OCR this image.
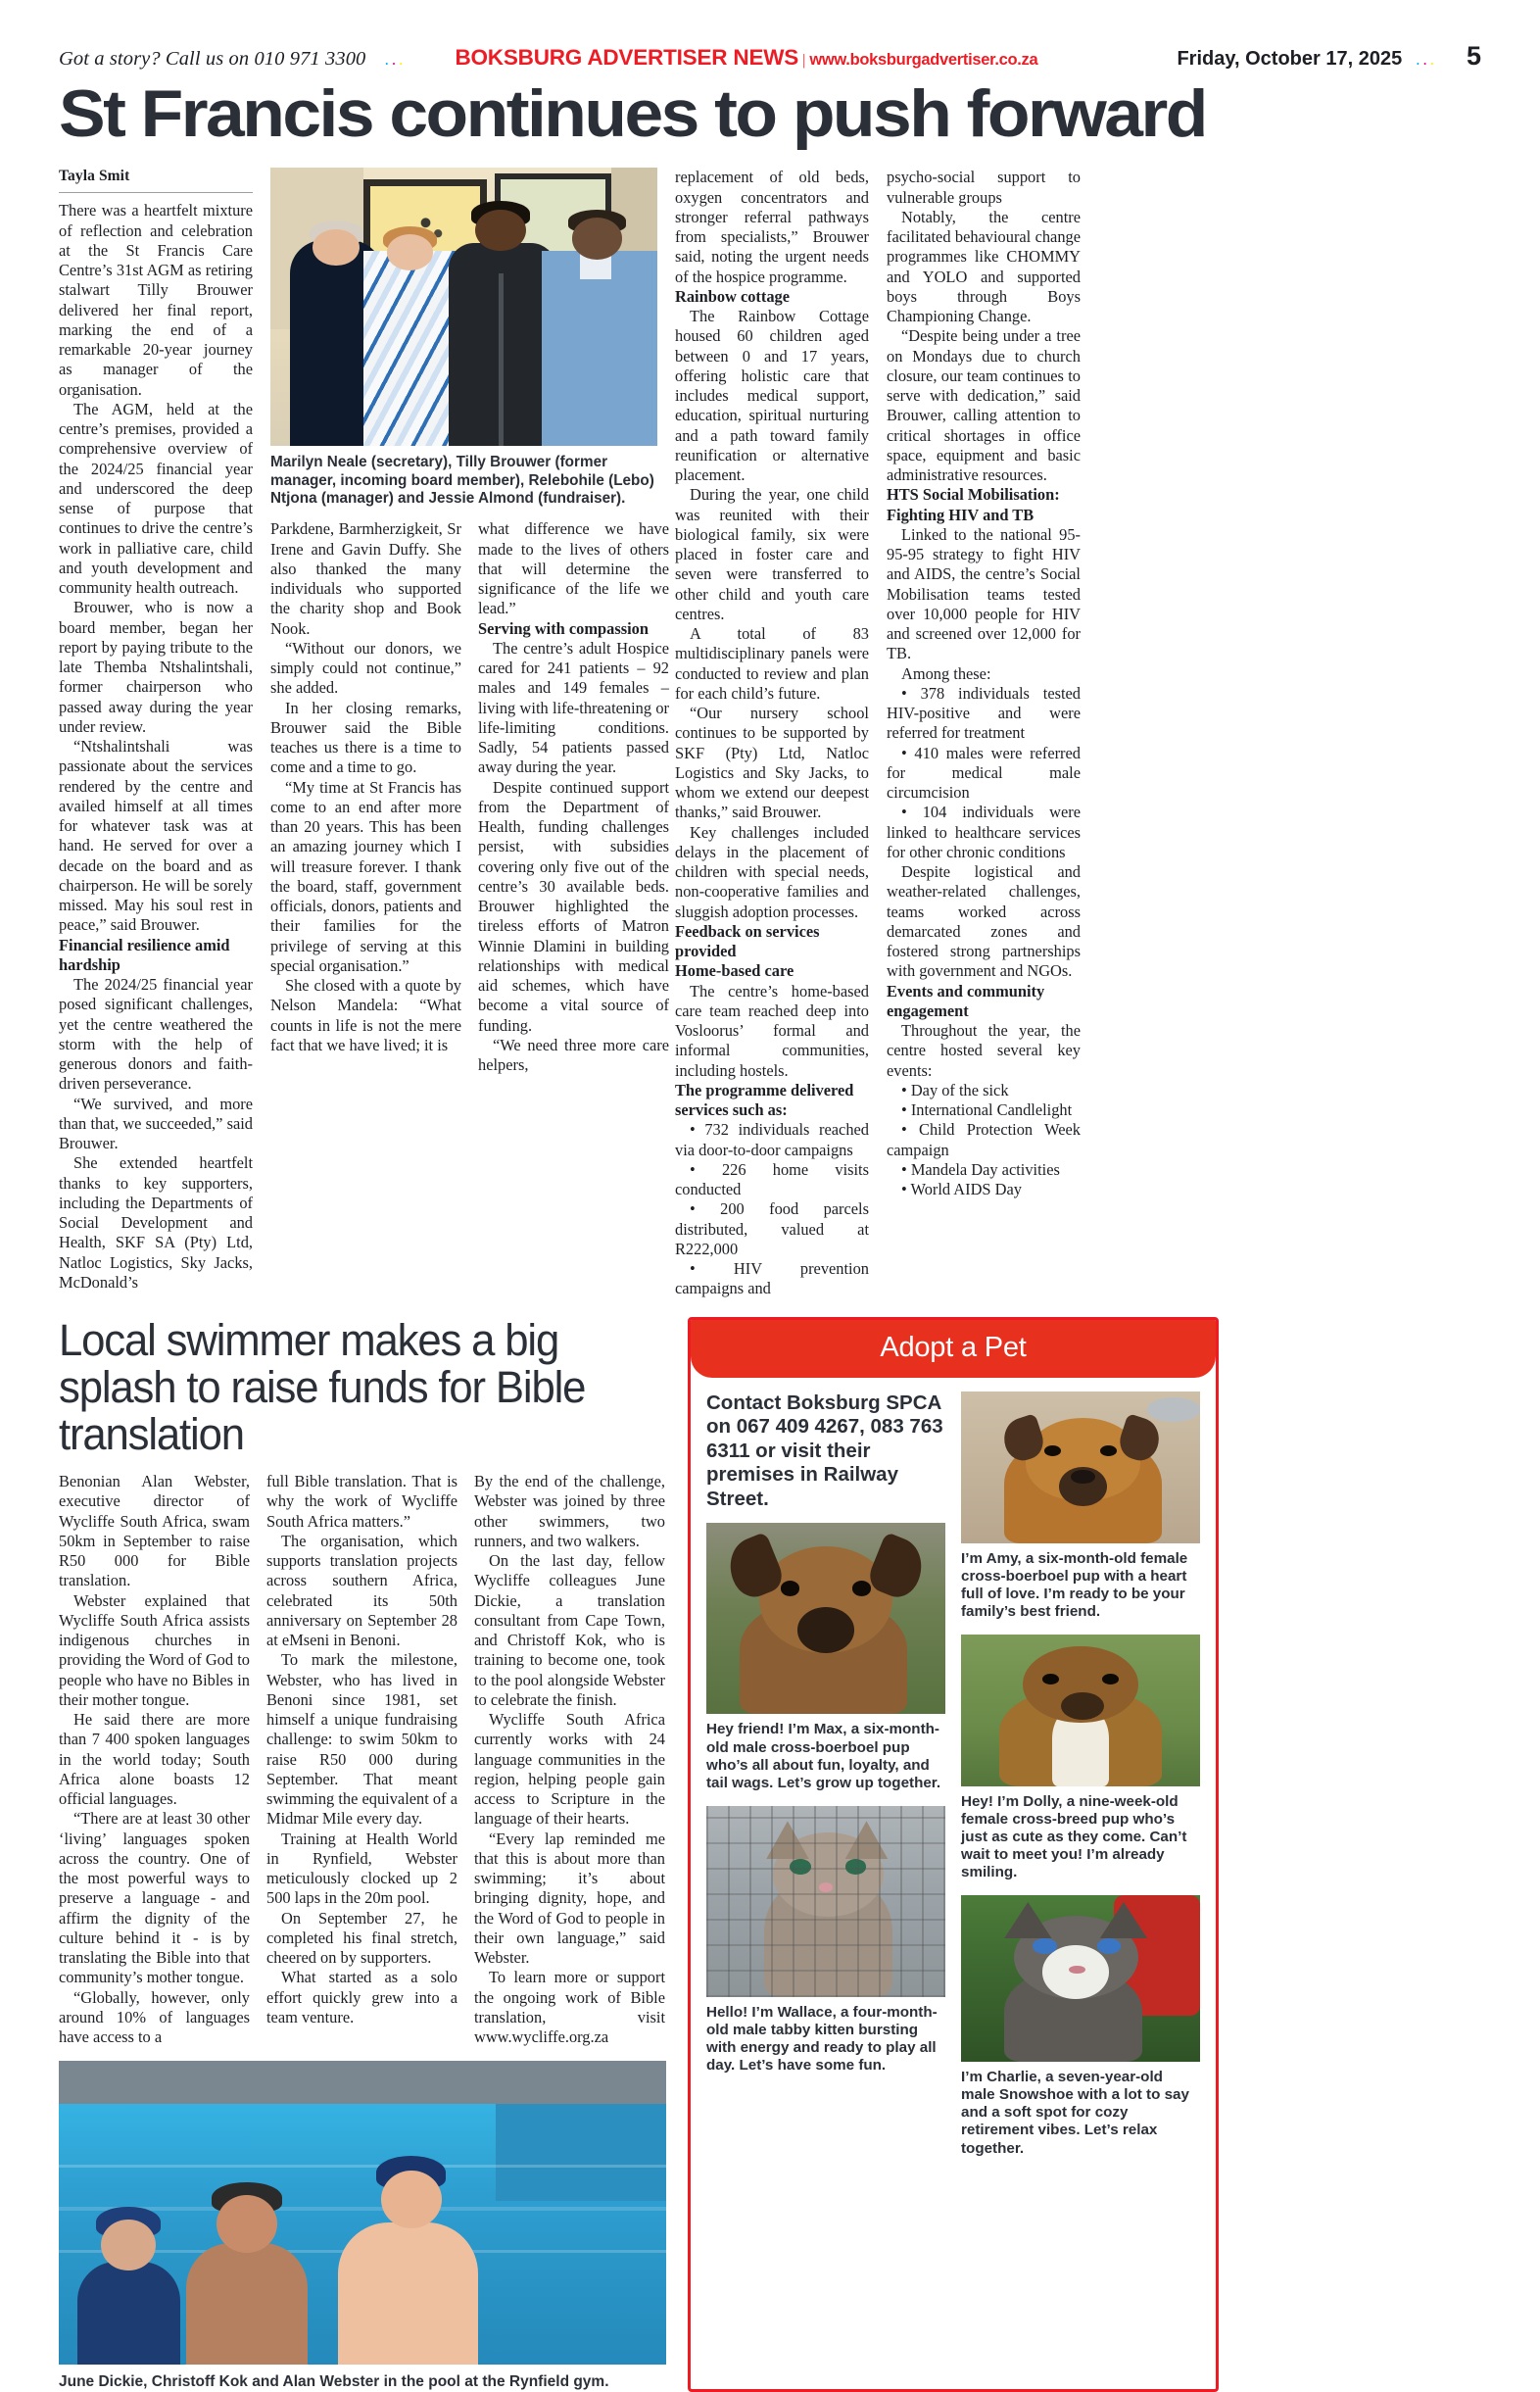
Got a story? Call us on 010 971 3300 ...	BOKSBURG ADVERTISER NEWS | www.boksburgadvertiser.co.za	Friday, October 17, 2025 ... 5
St Francis continues to push forward
Tayla Smit

There was a heartfelt mixture of reflection and celebration at the St Francis Care Centre’s 31st AGM as retiring stalwart Tilly Brouwer delivered her final report, marking the end of a remarkable 20-year journey as manager of the organisation.

The AGM, held at the centre’s premises, provided a comprehensive overview of the 2024/25 financial year and underscored the deep sense of purpose that continues to drive the centre’s work in palliative care, child and youth development and community health outreach.

Brouwer, who is now a board member, began her report by paying tribute to the late Themba Ntshalintshali, former chairperson who passed away during the year under review.

“Ntshalintshali was passionate about the services rendered by the centre and availed himself at all times for whatever task was at hand. He served for over a decade on the board and as chairperson. He will be sorely missed. May his soul rest in peace,” said Brouwer.

Financial resilience amid hardship

The 2024/25 financial year posed significant challenges, yet the centre weathered the storm with the help of generous donors and faith-driven perseverance.

“We survived, and more than that, we succeeded,” said Brouwer.

She extended heartfelt thanks to key supporters, including the Departments of Social Development and Health, SKF SA (Pty) Ltd, Natloc Logistics, Sky Jacks, McDonald’s

Marilyn Neale (secretary), Tilly Brouwer (former manager, incoming board member), Relebohile (Lebo) Ntjona (manager) and Jessie Almond (fundraiser).

Parkdene, Barmherzigkeit, Sr Irene and Gavin Duffy. She also thanked the many individuals who supported the charity shop and Book Nook.

“Without our donors, we simply could not continue,” she added.

In her closing remarks, Brouwer said the Bible teaches us there is a time to come and a time to go.

“My time at St Francis has come to an end after more than 20 years. This has been an amazing journey which I will treasure forever. I thank the board, staff, government officials, donors, patients and their families for the privilege of serving at this special organisation.”

She closed with a quote by Nelson Mandela: “What counts in life is not the mere fact that we have lived; it is

what difference we have made to the lives of others that will determine the significance of the life we lead.”

Serving with compassion

The centre’s adult Hospice cared for 241 patients – 92 males and 149 females – living with life-threatening or life-limiting conditions. Sadly, 54 patients passed away during the year.

Despite continued support from the Department of Health, funding challenges persist, with subsidies covering only five out of the centre’s 30 available beds. Brouwer highlighted the tireless efforts of Matron Winnie Dlamini in building relationships with medical aid schemes, which have become a vital source of funding.

“We need three more care helpers,

replacement of old beds, oxygen concentrators and stronger referral pathways from specialists,” Brouwer said, noting the urgent needs of the hospice programme.

Rainbow cottage

The Rainbow Cottage housed 60 children aged between 0 and 17 years, offering holistic care that includes medical support, education, spiritual nurturing and a path toward family reunification or alternative placement.

During the year, one child was reunited with their biological family, six were placed in foster care and seven were transferred to other child and youth care centres.

A total of 83 multidisciplinary panels were conducted to review and plan for each child’s future.

“Our nursery school continues to be supported by SKF (Pty) Ltd, Natloc Logistics and Sky Jacks, to whom we extend our deepest thanks,” said Brouwer.

Key challenges included delays in the placement of children with special needs, non-cooperative families and sluggish adoption processes.

Feedback on services provided

Home-based care

The centre’s home-based care team reached deep into Vosloorus’ formal and informal communities, including hostels.

The programme delivered services such as:

• 732 individuals reached via door-to-door campaigns

• 226 home visits conducted

• 200 food parcels distributed, valued at R222,000

• HIV prevention campaigns and

psycho-social support to vulnerable groups

Notably, the centre facilitated behavioural change programmes like CHOMMY and YOLO and supported boys through Boys Championing Change.

“Despite being under a tree on Mondays due to church closure, our team continues to serve with dedication,” said Brouwer, calling attention to critical shortages in office space, equipment and basic administrative resources.

HTS Social Mobilisation: Fighting HIV and TB

Linked to the national 95-95-95 strategy to fight HIV and AIDS, the centre’s Social Mobilisation teams tested over 10,000 people for HIV and screened over 12,000 for TB.

Among these:

• 378 individuals tested HIV-positive and were referred for treatment

• 410 males were referred for medical male circumcision

• 104 individuals were linked to healthcare services for other chronic conditions

Despite logistical and weather-related challenges, teams worked across demarcated zones and fostered strong partnerships with government and NGOs.

Events and community engagement

Throughout the year, the centre hosted several key events:

• Day of the sick

• International Candlelight

• Child Protection Week campaign

• Mandela Day activities

• World AIDS Day

Local swimmer makes a big splash to raise funds for Bible translation

Benonian Alan Webster, executive director of Wycliffe South Africa, swam 50km in September to raise R50 000 for Bible translation.

Webster explained that Wycliffe South Africa assists indigenous churches in providing the Word of God to people who have no Bibles in their mother tongue.

He said there are more than 7 400 spoken languages in the world today; South Africa alone boasts 12 official languages.

“There are at least 30 other ‘living’ languages spoken across the country. One of the most powerful ways to preserve a language - and affirm the dignity of the culture behind it - is by translating the Bible into that community’s mother tongue.

“Globally, however, only around 10% of languages have access to a

full Bible translation. That is why the work of Wycliffe South Africa matters.”

The organisation, which supports translation projects across southern Africa, celebrated its 50th anniversary on September 28 at eMseni in Benoni.

To mark the milestone, Webster, who has lived in Benoni since 1981, set himself a unique fundraising challenge: to swim 50km to raise R50 000 during September. That meant swimming the equivalent of a Midmar Mile every day.

Training at Health World in Rynfield, Webster meticulously clocked up 2 500 laps in the 20m pool.

On September 27, he completed his final stretch, cheered on by supporters.

What started as a solo effort quickly grew into a team venture.

By the end of the challenge, Webster was joined by three other swimmers, two runners, and two walkers.

On the last day, fellow Wycliffe colleagues June Dickie, a translation consultant from Cape Town, and Christoff Kok, who is training to become one, took to the pool alongside Webster to celebrate the finish.

Wycliffe South Africa currently works with 24 language communities in the region, helping people gain access to Scripture in the language of their hearts.

“Every lap reminded me that this is about more than swimming; it’s about bringing dignity, hope, and the Word of God to people in their own language,” said Webster.

To learn more or support the ongoing work of Bible translation, visit www.wycliffe.org.za

June Dickie, Christoff Kok and Alan Webster in the pool at the Rynfield gym.
Adopt a Pet
Contact Boksburg SPCA on 067 409 4267, 083 763 6311 or visit their premises in Railway Street.
Hey friend! I’m Max, a six-month-old male cross-boerboel pup who’s all about fun, loyalty, and tail wags. Let’s grow up together.
Hello! I’m Wallace, a four-month-old male tabby kitten bursting with energy and ready to play all day. Let’s have some fun.
I’m Amy, a six-month-old female cross-boerboel pup with a heart full of love. I’m ready to be your family’s best friend.
Hey! I’m Dolly, a nine-week-old female cross-breed pup who’s just as cute as they come. Can’t wait to meet you! I’m already smiling.
I’m Charlie, a seven-year-old male Snowshoe with a lot to say and a soft spot for cozy retirement vibes. Let’s relax together.
